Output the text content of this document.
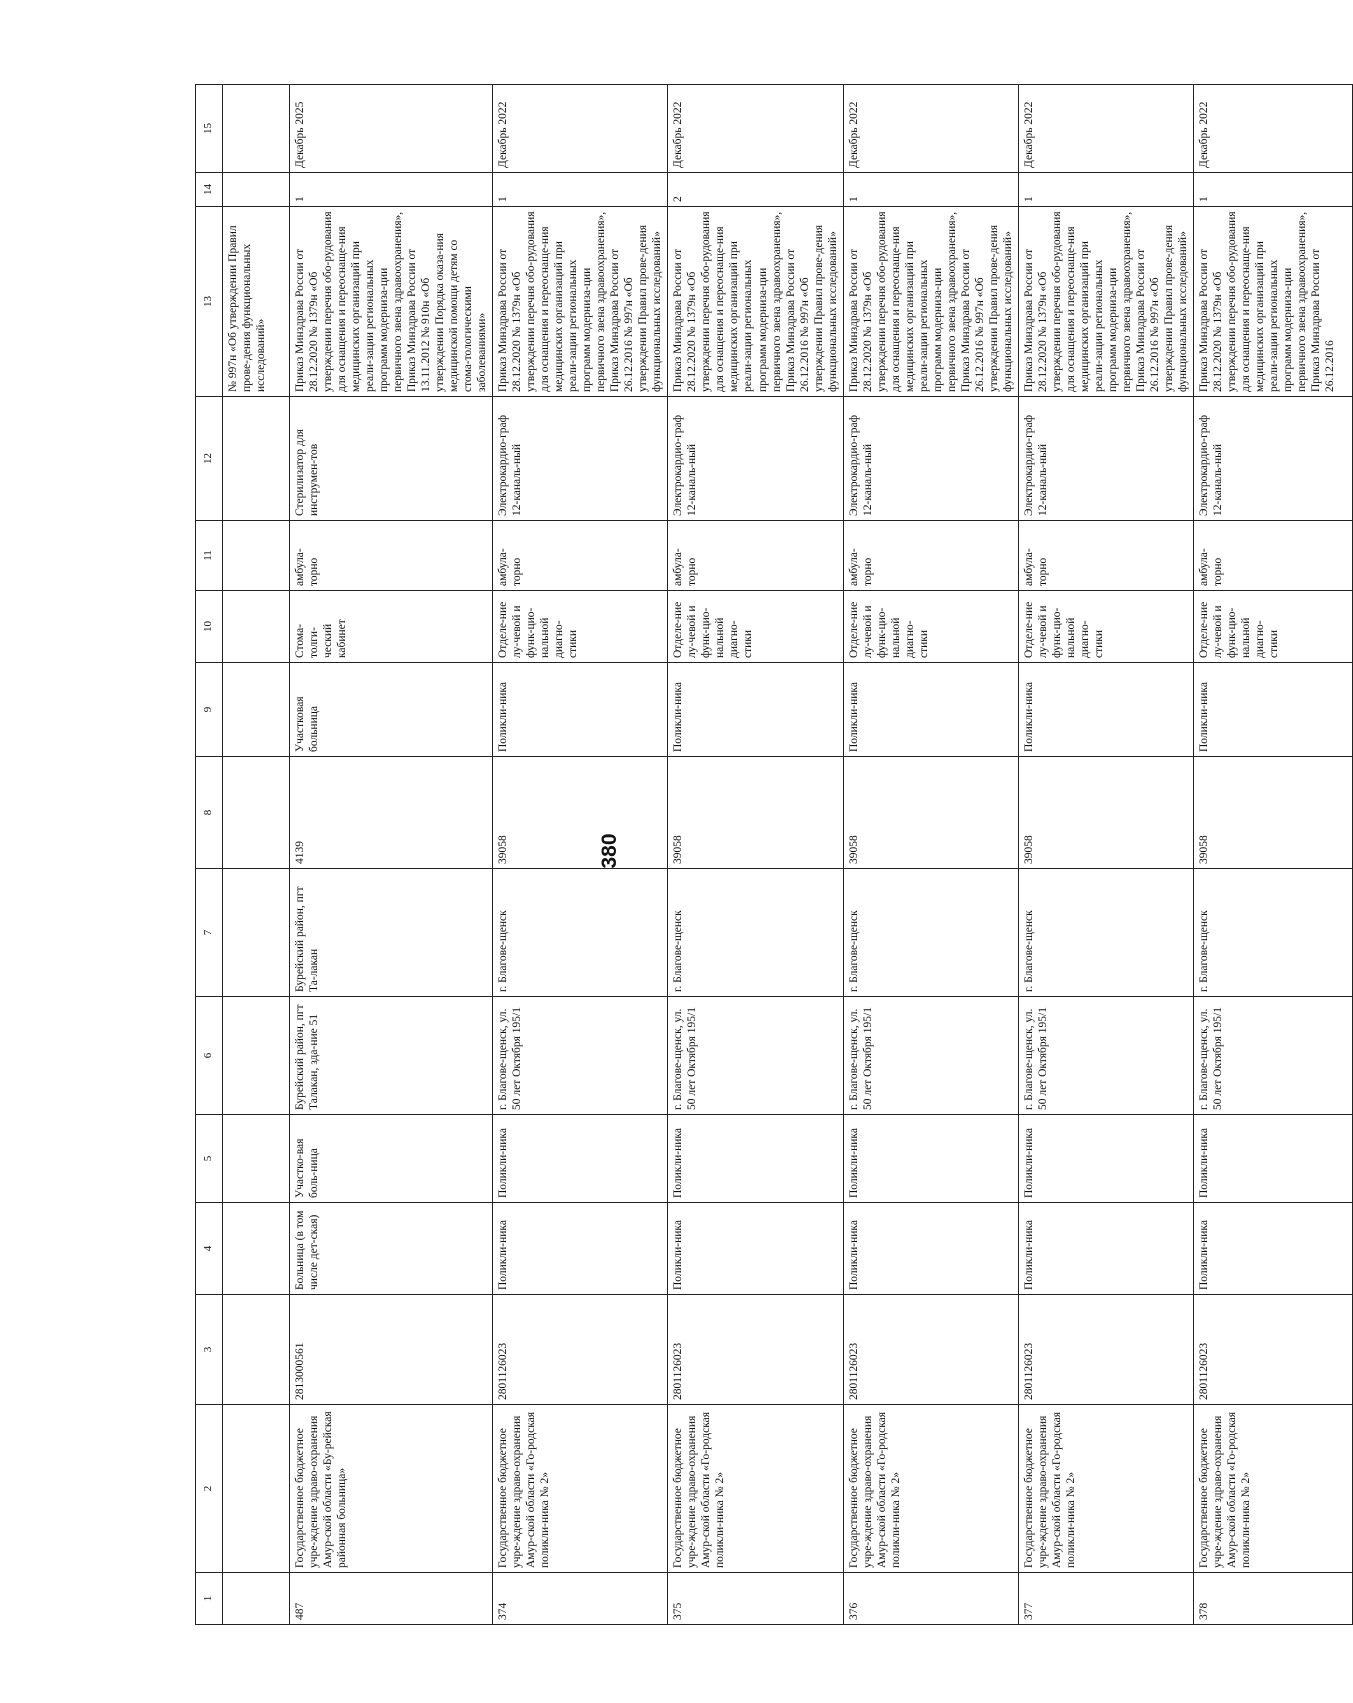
380
1	2	3	4	5	6	7	8	9	10	11	12	13	14	15
												№ 997н «Об утверждении Правил прове-дения функциональных исследований»		
487	Государственное бюджетное учре-ждение здраво-охранения Амур-ской области «Бу-рейская районная больница»	2813000561	Больница (в том числе дет-ская)	Участко-вая боль-ница	Бурейский район, пгт Талакан, зда-ние 51	Бурейский район, пгт Та-лакан	4139	Участковая больница	Стома-толги-ческий кабинет	амбула-торно	Стерилизатор для инструмен-тов	Приказ Минздрава России от 28.12.2020 № 1379н «Об утверждении перечня обо-рудования для оснащения и переоснаще-ния медицинских организаций при реали-зации региональных программ модерниза-ции первичного звена здравоохранения», Приказ Минздрава России от 13.11.2012 № 910н «Об утверждении Порядка оказа-ния медицинской помощи детям со стома-тологическими заболеваниями»	1	Декабрь 2025
374	Государственное бюджетное учре-ждение здраво-охранения Амур-ской области «Го-родская поликли-ника № 2»	2801126023	Поликли-ника	Поликли-ника	г. Благове-щенск, ул. 50 лет Октября 195/1	г. Благове-щенск	39058	Поликли-ника	Отделе-ние лу-чевой и функ-цио-нальной диагно-стики	амбула-торно	Электрокардио-граф 12-каналь-ный	Приказ Минздрава России от 28.12.2020 № 1379н «Об утверждении перечня обо-рудования для оснащения и переоснаще-ния медицинских организаций при реали-зации региональных программ модерниза-ции первичного звена здравоохранения», Приказ Минздрава России от 26.12.2016 № 997н «Об утверждении Правил прове-дения функциональных исследований»	1	Декабрь 2022
375	Государственное бюджетное учре-ждение здраво-охранения Амур-ской области «Го-родская поликли-ника № 2»	2801126023	Поликли-ника	Поликли-ника	г. Благове-щенск, ул. 50 лет Октября 195/1	г. Благове-щенск	39058	Поликли-ника	Отделе-ние лу-чевой и функ-цио-нальной диагно-стики	амбула-торно	Электрокардио-граф 12-каналь-ный	Приказ Минздрава России от 28.12.2020 № 1379н «Об утверждении перечня обо-рудования для оснащения и переоснаще-ния медицинских организаций при реали-зации региональных программ модерниза-ции первичного звена здравоохранения», Приказ Минздрава России от 26.12.2016 № 997н «Об утверждении Правил прове-дения функциональных исследований»	2	Декабрь 2022
376	Государственное бюджетное учре-ждение здраво-охранения Амур-ской области «Го-родская поликли-ника № 2»	2801126023	Поликли-ника	Поликли-ника	г. Благове-щенск, ул. 50 лет Октября 195/1	г. Благове-щенск	39058	Поликли-ника	Отделе-ние лу-чевой и функ-цио-нальной диагно-стики	амбула-торно	Электрокардио-граф 12-каналь-ный	Приказ Минздрава России от 28.12.2020 № 1379н «Об утверждении перечня обо-рудования для оснащения и переоснаще-ния медицинских организаций при реали-зации региональных программ модерниза-ции первичного звена здравоохранения», Приказ Минздрава России от 26.12.2016 № 997н «Об утверждении Правил прове-дения функциональных исследований»	1	Декабрь 2022
377	Государственное бюджетное учре-ждение здраво-охранения Амур-ской области «Го-родская поликли-ника № 2»	2801126023	Поликли-ника	Поликли-ника	г. Благове-щенск, ул. 50 лет Октября 195/1	г. Благове-щенск	39058	Поликли-ника	Отделе-ние лу-чевой и функ-цио-нальной диагно-стики	амбула-торно	Электрокардио-граф 12-каналь-ный	Приказ Минздрава России от 28.12.2020 № 1379н «Об утверждении перечня обо-рудования для оснащения и переоснаще-ния медицинских организаций при реали-зации региональных программ модерниза-ции первичного звена здравоохранения», Приказ Минздрава России от 26.12.2016 № 997н «Об утверждении Правил прове-дения функциональных исследований»	1	Декабрь 2022
378	Государственное бюджетное учре-ждение здраво-охранения Амур-ской области «Го-родская поликли-ника № 2»	2801126023	Поликли-ника	Поликли-ника	г. Благове-щенск, ул. 50 лет Октября 195/1	г. Благове-щенск	39058	Поликли-ника	Отделе-ние лу-чевой и функ-цио-нальной диагно-стики	амбула-торно	Электрокардио-граф 12-каналь-ный	Приказ Минздрава России от 28.12.2020 № 1379н «Об утверждении перечня обо-рудования для оснащения и переоснаще-ния медицинских организаций при реали-зации региональных программ модерниза-ции первичного звена здравоохранения», Приказ Минздрава России от 26.12.2016	1	Декабрь 2022
